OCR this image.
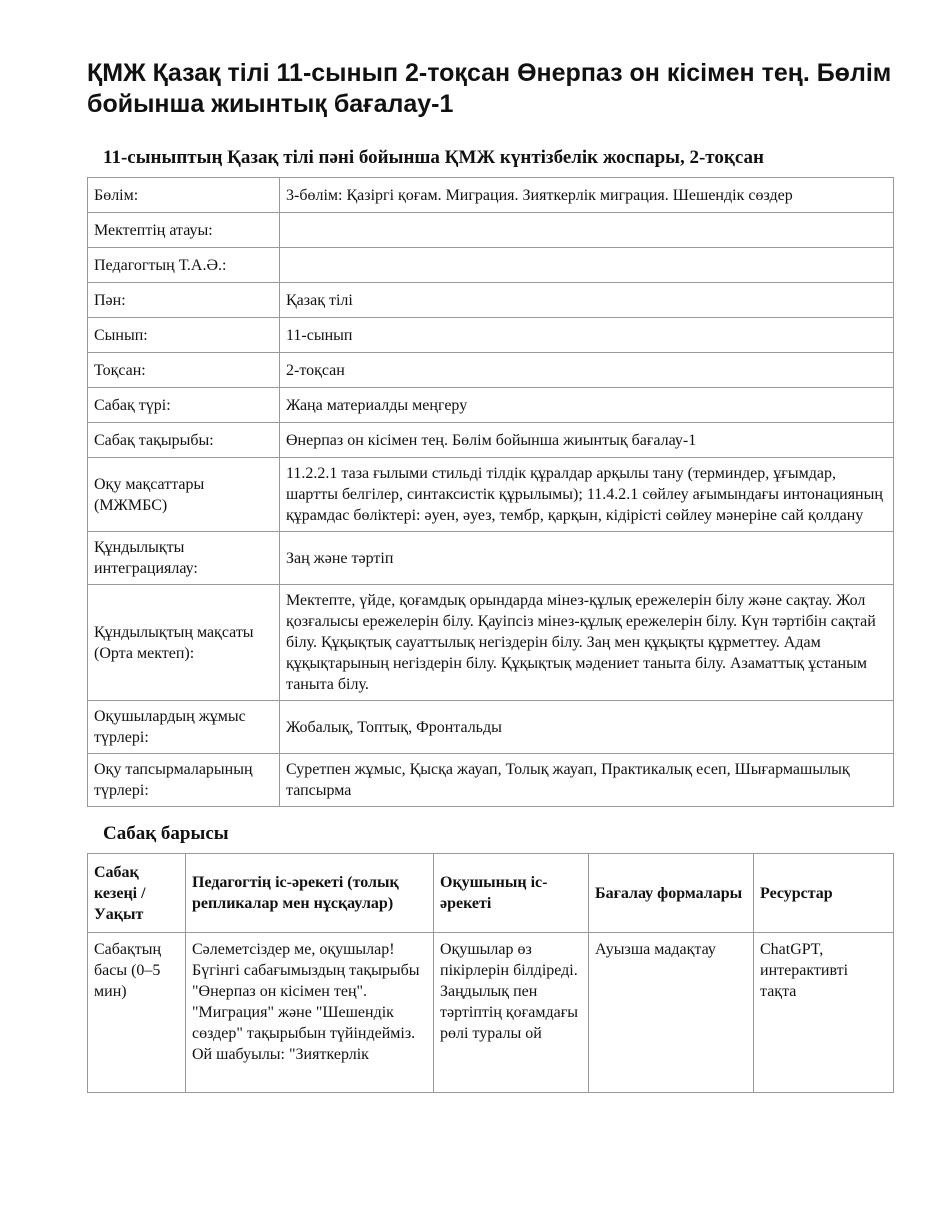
ҚМЖ Қазақ тілі 11-сынып 2-тоқсан Өнерпаз он кісімен тең. Бөлім бойынша жиынтық бағалау-1
11-сыныптың Қазақ тілі пәні бойынша ҚМЖ күнтізбелік жоспары, 2-тоқсан
Бөлім:	3-бөлім: Қазіргі қоғам. Миграция. Зияткерлік миграция. Шешендік сөздер
Мектептің атауы:	
Педагогтың Т.А.Ә.:	
Пән:	Қазақ тілі
Сынып:	11-сынып
Тоқсан:	2-тоқсан
Сабақ түрі:	Жаңа материалды меңгеру
Сабақ тақырыбы:	Өнерпаз он кісімен тең. Бөлім бойынша жиынтық бағалау-1
Оқу мақсаттары (МЖМБС)	11.2.2.1 таза ғылыми стильді тілдік құралдар арқылы тану (терминдер, ұғымдар, шартты белгілер, синтаксистік құрылымы); 11.4.2.1 сөйлеу ағымындағы интонацияның құрамдас бөліктері: әуен, әуез, тембр, қарқын, кідірісті сөйлеу мәнеріне сай қолдану
Құндылықты интеграциялау:	Заң және тәртіп
Құндылықтың мақсаты (Орта мектеп):	Мектепте, үйде, қоғамдық орындарда мінез-құлық ережелерін білу және сақтау. Жол қозғалысы ережелерін білу. Қауіпсіз мінез-құлық ережелерін білу. Күн тәртібін сақтай білу. Құқықтық сауаттылық негіздерін білу. Заң мен құқықты құрметтеу. Адам құқықтарының негіздерін білу. Құқықтық мәдениет таныта білу. Азаматтық ұстаным таныта білу.
Оқушылардың жұмыс түрлері:	Жобалық, Топтық, Фронтальды
Оқу тапсырмаларының түрлері:	Суретпен жұмыс, Қысқа жауап, Толық жауап, Практикалық есеп, Шығармашылық тапсырма
Сабақ барысы
Сабақ кезеңі / Уақыт	Педагогтің іс-әрекеті (толық репликалар мен нұсқаулар)	Оқушының іс-әрекеті	Бағалау формалары	Ресурстар

Сабақтың басы (0–5 мин)	Сәлеметсіздер ме, оқушылар! Бүгінгі сабағымыздың тақырыбы "Өнерпаз он кісімен тең". "Миграция" және "Шешендік сөздер" тақырыбын түйіндейміз. Ой шабуылы: "Зияткерлік	Оқушылар өз пікірлерін білдіреді. Заңдылық пен тәртіптің қоғамдағы рөлі туралы ой	Ауызша мадақтау	ChatGPT, интерактивті тақта
